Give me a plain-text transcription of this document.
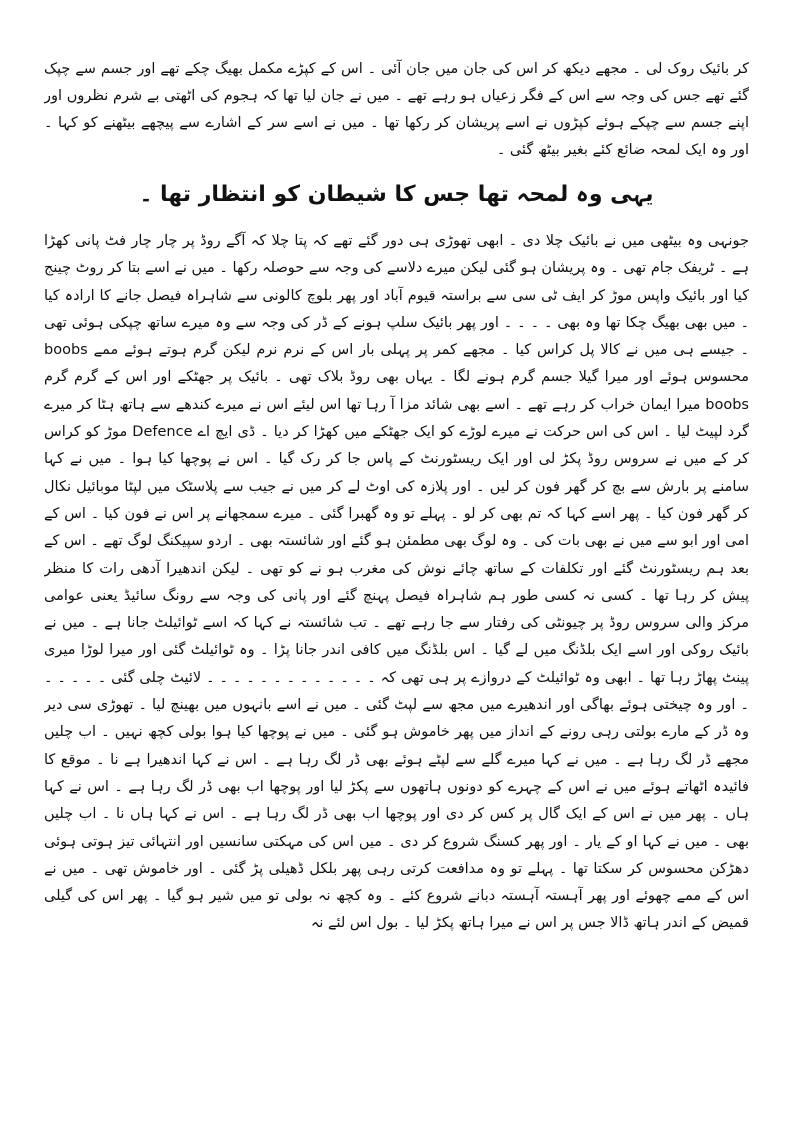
کر بائیک روک لی ۔ مجھے دیکھ کر اس کی جان میں جان آئی ۔ اس کے کپڑے مکمل بھیگ چکے تھے اور جسم سے چپک گئے تھے جس کی وجہ سے اس کے فگر زعیاں ہو رہے تھے ۔ میں نے جان لیا تھا کہ ہجوم کی اٹھتی بے شرم نظروں اور اپنے جسم سے چپکے ہوئے کپڑوں نے اسے پریشان کر رکھا تھا ۔ میں نے اسے سر کے اشارے سے پیچھے بیٹھنے کو کہا ۔ اور وہ ایک لمحہ ضائع کئے بغیر بیٹھ گئی ۔

یہی وہ لمحہ تھا جس کا شیطان کو انتظار تھا ۔

جونہی وہ بیٹھی میں نے بائیک چلا دی ۔ ابھی تھوڑی ہی دور گئے تھے کہ پتا چلا کہ آگے روڈ پر چار چار فٹ پانی کھڑا ہے ۔ ٹریفک جام تھی ۔ وہ پریشان ہو گئی لیکن میرے دلاسے کی وجہ سے حوصلہ رکھا ۔ میں نے اسے بتا کر روٹ چینج کیا اور بائیک واپس موڑ کر ایف ٹی سی سے براستہ قیوم آباد اور پھر بلوچ کالونی سے شاہراہ فیصل جانے کا ارادہ کیا ۔ میں بھی بھیگ چکا تھا وہ بھی ۔ ۔ ۔ ۔ اور پھر بائیک سلپ ہونے کے ڈر کی وجہ سے وہ میرے ساتھ چپکی ہوئی تھی ۔ جیسے ہی میں نے کالا پل کراس کیا ۔ مجھے کمر پر پہلی بار اس کے نرم نرم لیکن گرم ہوتے ہوئے ممے boobs محسوس ہوئے اور میرا گیلا جسم گرم ہونے لگا ۔ یہاں بھی روڈ بلاک تھی ۔ بائیک پر جھٹکے اور اس کے گرم گرم boobs میرا ایمان خراب کر رہے تھے ۔ اسے بھی شائد مزا آ رہا تھا اس لیئے اس نے میرے کندھے سے ہاتھ ہٹا کر میرے گرد لپیٹ لیا ۔ اس کی اس حرکت نے میرے لوڑے کو ایک جھٹکے میں کھڑا کر دیا ۔ ڈی ایچ اے Defence موڑ کو کراس کر کے میں نے سروس روڈ پکڑ لی اور ایک ریسٹورنٹ کے پاس جا کر رک گیا ۔ اس نے پوچھا کیا ہوا ۔ میں نے کہا سامنے پر بارش سے بچ کر گھر فون کر لیں ۔ اور پلازہ کی اوٹ لے کر میں نے جیب سے پلاسٹک میں لپٹا موبائیل نکال کر گھر فون کیا ۔ پھر اسے کہا کہ تم بھی کر لو ۔ پہلے تو وہ گھبرا گئی ۔ میرے سمجھانے پر اس نے فون کیا ۔ اس کے امی اور ابو سے میں نے بھی بات کی ۔ وہ لوگ بھی مطمئن ہو گئے اور شائستہ بھی ۔ اردو سپیکنگ لوگ تھے ۔ اس کے بعد ہم ریسٹورنٹ گئے اور تکلفات کے ساتھ چائے نوش کی مغرب ہو نے کو تھی ۔ لیکن اندھیرا آدھی رات کا منظر پیش کر رہا تھا ۔ کسی نہ کسی طور ہم شاہراہ فیصل پہنچ گئے اور پانی کی وجہ سے رونگ سائیڈ یعنی عوامی مرکز والی سروس روڈ پر چیونٹی کی رفتار سے جا رہے تھے ۔ تب شائستہ نے کہا کہ اسے ٹوائیلٹ جانا ہے ۔ میں نے بائیک روکی اور اسے ایک بلڈنگ میں لے گیا ۔ اس بلڈنگ میں کافی اندر جانا پڑا ۔ وہ ٹوائیلٹ گئی اور میرا لوڑا میری پینٹ پھاڑ رہا تھا ۔ ابھی وہ ٹوائیلٹ کے دروازے پر ہی تھی کہ ۔ ۔ ۔ ۔ ۔ ۔ ۔ ۔ ۔ ۔ ۔ ۔ ۔ لائیٹ چلی گئی ۔ ۔ ۔ ۔ ۔ ۔ اور وہ چیختی ہوئے بھاگی اور اندھیرے میں مجھ سے لپٹ گئی ۔ میں نے اسے بانہوں میں بھینچ لیا ۔ تھوڑی سی دیر وہ ڈر کے مارے بولتی رہی رونے کے انداز میں پھر خاموش ہو گئی ۔ میں نے پوچھا کیا ہوا بولی کچھ نہیں ۔ اب چلیں مجھے ڈر لگ رہا ہے ۔ میں نے کہا میرے گلے سے لپٹے ہوئے بھی ڈر لگ رہا ہے ۔ اس نے کہا اندھیرا ہے نا ۔ موقع کا فائیدہ اٹھاتے ہوئے میں نے اس کے چہرے کو دونوں ہاتھوں سے پکڑ لیا اور پوچھا اب بھی ڈر لگ رہا ہے ۔ اس نے کہا ہاں ۔ پھر میں نے اس کے ایک گال پر کس کر دی اور پوچھا اب بھی ڈر لگ رہا ہے ۔ اس نے کہا ہاں نا ۔ اب چلیں بھی ۔ میں نے کہا او کے یار ۔ اور پھر کسنگ شروع کر دی ۔ میں اس کی مہکتی سانسیں اور انتہائی تیز ہوتی ہوئی دھڑکن محسوس کر سکتا تھا ۔ پہلے تو وہ مدافعت کرتی رہی پھر بلکل ڈھیلی پڑ گئی ۔ اور خاموش تھی ۔ میں نے اس کے ممے چھوئے اور پھر آہستہ آہستہ دبانے شروع کئے ۔ وہ کچھ نہ بولی تو میں شیر ہو گیا ۔ پھر اس کی گیلی قمیض کے اندر ہاتھ ڈالا جس پر اس نے میرا ہاتھ پکڑ لیا ۔ بول اس لئے نہ
